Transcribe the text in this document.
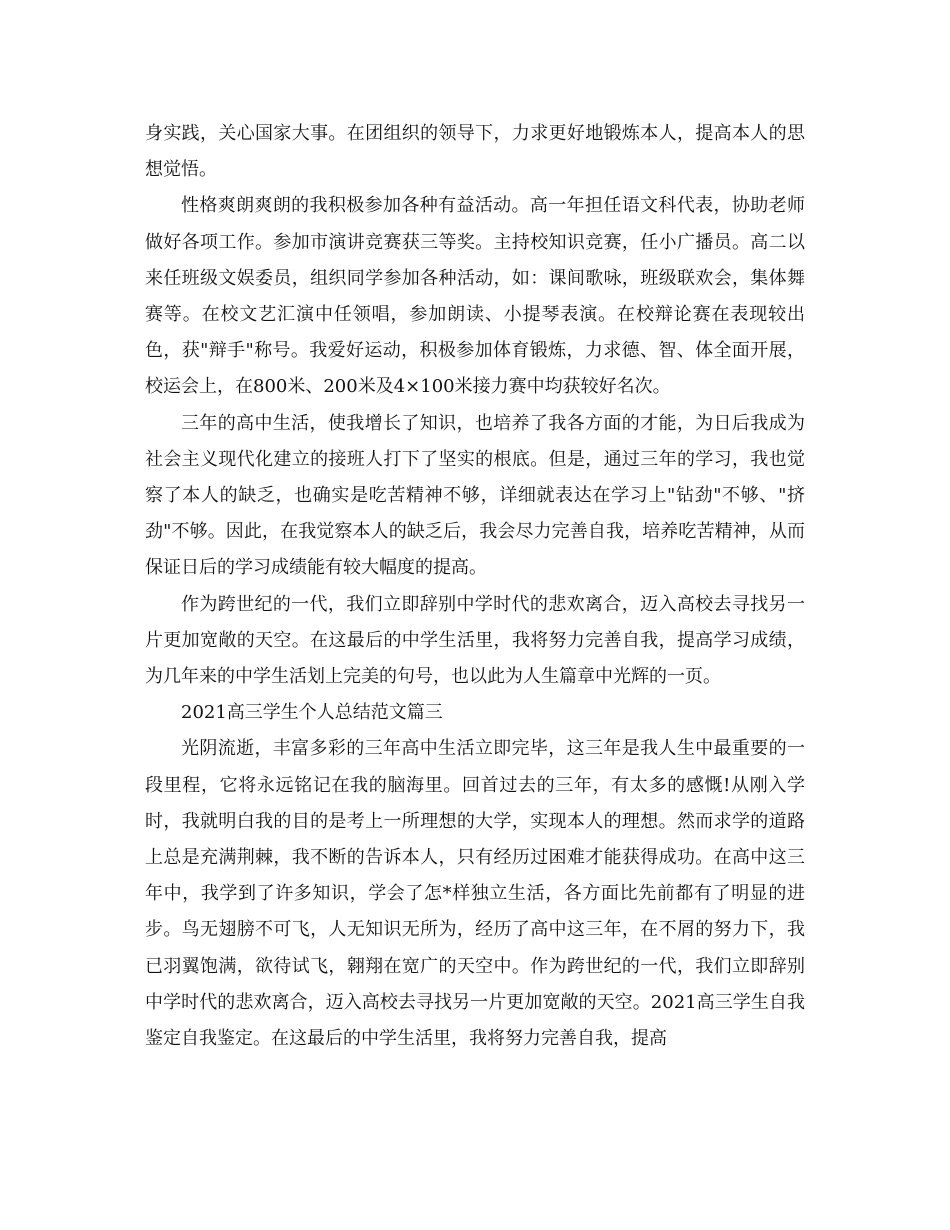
身实践，关心国家大事。在团组织的领导下，力求更好地锻炼本人，提高本人的思想觉悟。

性格爽朗爽朗的我积极参加各种有益活动。高一年担任语文科代表，协助老师做好各项工作。参加市演讲竞赛获三等奖。主持校知识竞赛，任小广播员。高二以来任班级文娱委员，组织同学参加各种活动，如：课间歌咏，班级联欢会，集体舞赛等。在校文艺汇演中任领唱，参加朗读、小提琴表演。在校辩论赛在表现较出色，获"辩手"称号。我爱好运动，积极参加体育锻炼，力求德、智、体全面开展，校运会上，在800米、200米及4×100米接力赛中均获较好名次。

三年的高中生活，使我增长了知识，也培养了我各方面的才能，为日后我成为社会主义现代化建立的接班人打下了坚实的根底。但是，通过三年的学习，我也觉察了本人的缺乏，也确实是吃苦精神不够，详细就表达在学习上"钻劲"不够、"挤劲"不够。因此，在我觉察本人的缺乏后，我会尽力完善自我，培养吃苦精神，从而保证日后的学习成绩能有较大幅度的提高。

作为跨世纪的一代，我们立即辞别中学时代的悲欢离合，迈入高校去寻找另一片更加宽敞的天空。在这最后的中学生活里，我将努力完善自我，提高学习成绩，为几年来的中学生活划上完美的句号，也以此为人生篇章中光辉的一页。

2021高三学生个人总结范文篇三

光阴流逝，丰富多彩的三年高中生活立即完毕，这三年是我人生中最重要的一段里程，它将永远铭记在我的脑海里。回首过去的三年，有太多的感慨!从刚入学时，我就明白我的目的是考上一所理想的大学，实现本人的理想。然而求学的道路上总是充满荆棘，我不断的告诉本人，只有经历过困难才能获得成功。在高中这三年中，我学到了许多知识，学会了怎*样独立生活，各方面比先前都有了明显的进步。鸟无翅膀不可飞，人无知识无所为，经历了高中这三年，在不屑的努力下，我已羽翼饱满，欲待试飞，翱翔在宽广的天空中。作为跨世纪的一代，我们立即辞别中学时代的悲欢离合，迈入高校去寻找另一片更加宽敞的天空。2021高三学生自我鉴定自我鉴定。在这最后的中学生活里，我将努力完善自我，提高
